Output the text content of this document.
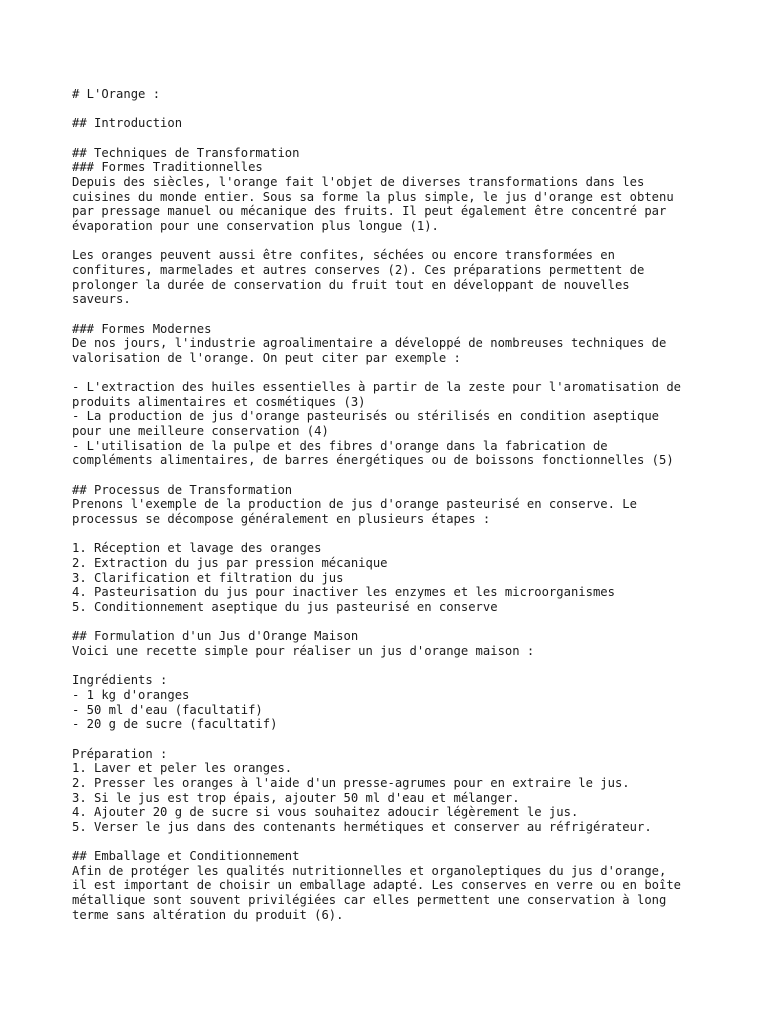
# L'Orange :
## Introduction
## Techniques de Transformation
### Formes Traditionnelles
Depuis des siècles, l'orange fait l'objet de diverses transformations dans les
cuisines du monde entier. Sous sa forme la plus simple, le jus d'orange est obtenu
par pressage manuel ou mécanique des fruits. Il peut également être concentré par
évaporation pour une conservation plus longue (1).
Les oranges peuvent aussi être confites, séchées ou encore transformées en
confitures, marmelades et autres conserves (2). Ces préparations permettent de
prolonger la durée de conservation du fruit tout en développant de nouvelles
saveurs.
### Formes Modernes
De nos jours, l'industrie agroalimentaire a développé de nombreuses techniques de
valorisation de l'orange. On peut citer par exemple :
- L'extraction des huiles essentielles à partir de la zeste pour l'aromatisation de
produits alimentaires et cosmétiques (3)
- La production de jus d'orange pasteurisés ou stérilisés en condition aseptique
pour une meilleure conservation (4)
- L'utilisation de la pulpe et des fibres d'orange dans la fabrication de
compléments alimentaires, de barres énergétiques ou de boissons fonctionnelles (5)
## Processus de Transformation
Prenons l'exemple de la production de jus d'orange pasteurisé en conserve. Le
processus se décompose généralement en plusieurs étapes :
1. Réception et lavage des oranges
2. Extraction du jus par pression mécanique
3. Clarification et filtration du jus
4. Pasteurisation du jus pour inactiver les enzymes et les microorganismes
5. Conditionnement aseptique du jus pasteurisé en conserve
## Formulation d'un Jus d'Orange Maison
Voici une recette simple pour réaliser un jus d'orange maison :
Ingrédients :
- 1 kg d'oranges
- 50 ml d'eau (facultatif)
- 20 g de sucre (facultatif)
Préparation :
1. Laver et peler les oranges.
2. Presser les oranges à l'aide d'un presse-agrumes pour en extraire le jus.
3. Si le jus est trop épais, ajouter 50 ml d'eau et mélanger.
4. Ajouter 20 g de sucre si vous souhaitez adoucir légèrement le jus.
5. Verser le jus dans des contenants hermétiques et conserver au réfrigérateur.
## Emballage et Conditionnement
Afin de protéger les qualités nutritionnelles et organoleptiques du jus d'orange,
il est important de choisir un emballage adapté. Les conserves en verre ou en boîte
métallique sont souvent privilégiées car elles permettent une conservation à long
terme sans altération du produit (6).
